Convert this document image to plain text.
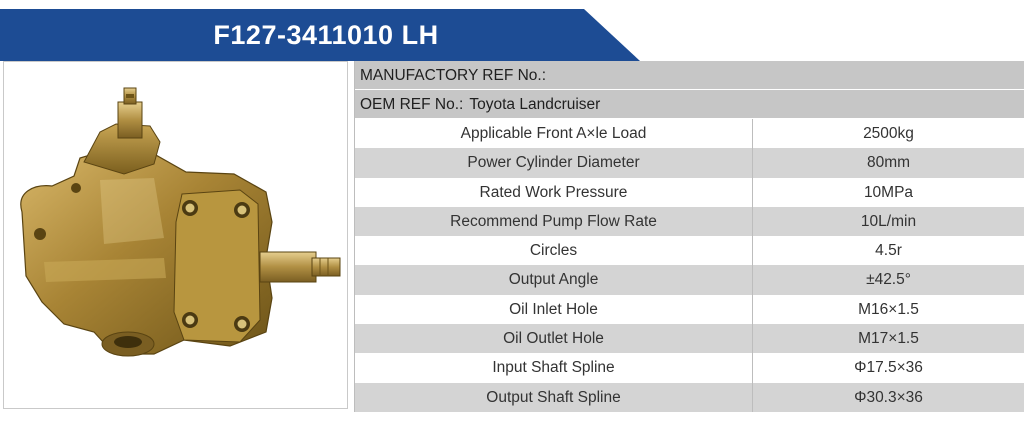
F127-3411010 LH
MANUFACTORY REF No.:
OEM REF No.: Toyota Landcruiser
Applicable Front A×le Load	2500kg
Power Cylinder Diameter	80mm
Rated Work Pressure	10MPa
Recommend Pump Flow Rate	10L/min
Circles	4.5r
Output Angle	±42.5°
Oil Inlet Hole	M16×1.5
Oil Outlet Hole	M17×1.5
Input Shaft Spline	Φ17.5×36
Output Shaft Spline	Φ30.3×36
